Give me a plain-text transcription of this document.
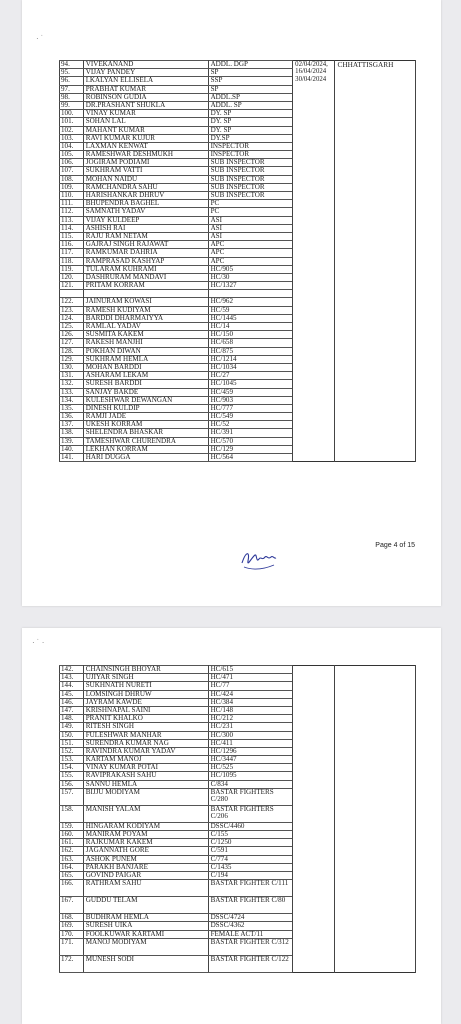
· ˙
94.	VIVEKANAND	ADDL. DGP	02/04/2024, 16/04/2024 30/04/2024	CHHATTISGARH
95.	VIJAY PANDEY	SP		
96.	I.KALYAN ELLISELA	SSP		
97.	PRABHAT KUMAR	SP		
98.	ROBINSON GUDIA	ADDL.SP		
99.	DR.PRASHANT SHUKLA	ADDL. SP		
100.	VINAY KUMAR	DY. SP		
101.	SOHAN LAL	DY. SP		
102.	MAHANT KUMAR	DY. SP		
103.	RAVI KUMAR KUJUR	DY.SP		
104.	LAXMAN KENWAT	INSPECTOR		
105.	RAMESHWAR DESHMUKH	INSPECTOR		
106.	JOGIRAM PODIAMI	SUB INSPECTOR		
107.	SUKHRAM VATTI	SUB INSPECTOR		
108.	MOHAN NAIDU	SUB INSPECTOR		
109.	RAMCHANDRA SAHU	SUB INSPECTOR		
110.	HARISHANKAR DHRUV	SUB INSPECTOR		
111.	BHUPENDRA BAGHEL	PC		
112.	SAMNATH YADAV	PC		
113.	VIJAY KULDEEP	ASI		
114.	ASHISH RAI	ASI		
115.	RAJU RAM NETAM	ASI		
116.	GAJRAJ SINGH RAJAWAT	APC		
117.	RAMKUMAR DAHRIA	APC		
118.	RAMPRASAD KASHYAP	APC		
119.	TULARAM KUHRAMI	HC/905		
120.	DASHRURAM MANDAVI	HC/30		
121.	PRITAM KORRAM	HC/1327		

122.	JAINURAM KOWASI	HC/962		
123.	RAMESH KUDIYAM	HC/59		
124.	BARDDI DHARMAIYYA	HC/1445		
125.	RAMLAL YADAV	HC/14		
126.	SUSMITA KAKEM	HC/150		
127.	RAKESH MANJHI	HC/658		
128.	POKHAN DIWAN	HC/875		
129.	SUKHRAM HEMLA	HC/1214		
130.	MOHAN BARDDI	HC/1034		
131.	ASHARAM LEKAM	HC/27		
132.	SURESH BARDDI	HC/1045		
133.	SANJAY BAKDE	HC/459		
134.	KULESHWAR DEWANGAN	HC/903		
135.	DINESH KULDIP	HC/777		
136.	RAMJI JADE	HC/549		
137.	UKESH KORRAM	HC/52		
138.	SHELENDRA BHASKAR	HC/391		
139.	TAMESHWAR CHURENDRA	HC/570		
140.	LEKHAN KORRAM	HC/129		
141.	HARI DUGGA	HC/564		
Page 4 of 15
· ˙ ·
142.	CHAINSINGH BHOYAR	HC/615		
143.	UJIYAR SINGH	HC/471		
144.	SUKHNATH NURETI	HC/77		
145.	LOMSINGH DHRUW	HC/424		
146.	JAYRAM KAWDE	HC/384		
147.	KRISHNAPAL SAINI	HC/148		
148.	PRANIT KHALKO	HC/212		
149.	RITESH SINGH	HC/231		
150.	FULESHWAR MANHAR	HC/300		
151.	SURENDRA KUMAR NAG	HC/411		
152.	RAVINDRA KUMAR YADAV	HC/1296		
153.	KARTAM MANOJ	HC/3447		
154.	VINAY KUMAR POTAI	HC/525		
155.	RAVIPRAKASH SAHU	HC/1095		
156.	SANNU HEMLA	C/834		
157.	BIJJU MODIYAM	BASTAR FIGHTERS C/280		
158.	MANISH YALAM	BASTAR FIGHTERS C/206		
159.	HINGARAM KODIYAM	DSSC/4460		
160.	MANIRAM POYAM	C/155		
161.	RAJKUMAR KAKEM	C/1250		
162.	JAGANNATH GORE	C/591		
163.	ASHOK PUNEM	C/774		
164.	PARAKH BANJARE	C/1435		
165.	GOVIND PAIGAR	C/194		
166.	RATHRAM SAHU	BASTAR FIGHTER C/111		
167.	GUDDU TELAM	BASTAR FIGHTER C/80		
168.	BUDHRAM HEMLA	DSSC/4724		
169.	SURESH UIKA	DSSC/4362		
170.	FOOLKUWAR KARTAMI	FEMALE ACT/11		
171.	MANOJ MODIYAM	BASTAR FIGHTER C/312		
172.	MUNESH SODI	BASTAR FIGHTER C/122		
